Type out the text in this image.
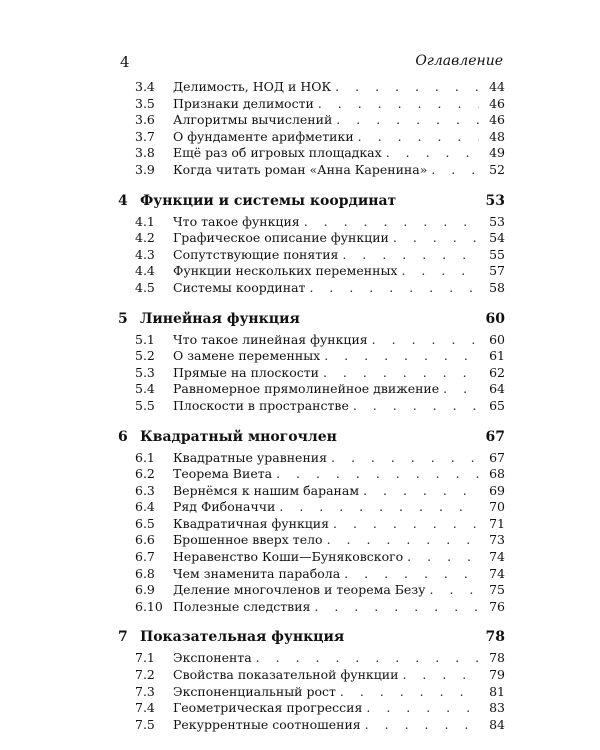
4	Оглавление
3.4	Делимость, НОД и НОК . . .	44
3.5	Признаки делимости . . .	46
3.6	Алгоритмы вычислений . . .	46
3.7	О фундаменте арифметики . . .	48
3.8	Ещё раз об игровых площадках . . .	49
3.9	Когда читать роман «Анна Каренина» . . .	52
4 Функции и системы координат	53
4.1	Что такое функция . . .	53
4.2	Графическое описание функции . . .	54
4.3	Сопутствующие понятия . . .	55
4.4	Функции нескольких переменных . . .	57
4.5	Системы координат . . .	58
5 Линейная функция	60
5.1	Что такое линейная функция . . .	60
5.2	О замене переменных . . .	61
5.3	Прямые на плоскости . . .	62
5.4	Равномерное прямолинейное движение . . .	64
5.5	Плоскости в пространстве . . .	65
6 Квадратный многочлен	67
6.1	Квадратные уравнения . . .	67
6.2	Теорема Виета . . .	68
6.3	Вернёмся к нашим баранам . . .	69
6.4	Ряд Фибоначчи . . .	70
6.5	Квадратичная функция . . .	71
6.6	Брошенное вверх тело . . .	73
6.7	Неравенство Коши—Буняковского . . .	74
6.8	Чем знаменита парабола . . .	74
6.9	Деление многочленов и теорема Безу . . .	75
6.10 Полезные следствия . . .	76
7 Показательная функция	78
7.1	Экспонента . . .	78
7.2	Свойства показательной функции . . .	79
7.3	Экспоненциальный рост . . .	81
7.4	Геометрическая прогрессия . . .	83
7.5	Рекуррентные соотношения . . .	84
